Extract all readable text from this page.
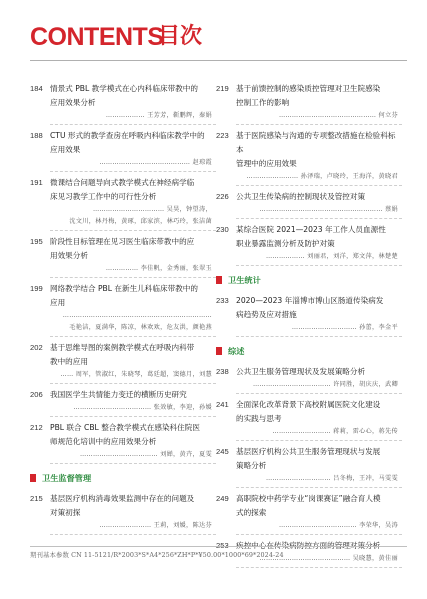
CONTENTS
目次
184 情景式 PBL 教学模式在心内科临床带教中的
应用效果分析
……………… 王芳芳，靳鹏辉，秦娟
188 CTU 形式的教学查房在呼吸内科临床教学中的
应用效果
…………………………………… 赵琼霞
191 微课结合问题导向式教学模式在神经病学临
床见习教学工作中的可行性分析
…………………………… 吴昊，钟望涛，
沈文川，林丹梅，黄琢，邱家滨，林巧玲，张洁菌
195 阶段性目标管理在见习医生临床带教中的应
用效果分析
…………… 李佳帆，金秀丽，张翠玉
199 网络教学结合 PBL 在新生儿科临床带教中的
应用
……………………………………………………………
毛艳洁，夏满华，陈凉，林欢欢，危友洪，颜艳燕
202 基于思维导图的案例教学模式在呼吸内科带
教中的应用
…… 周军，管淑红，朱晓琴，葛廷超，窦德月，刘慧
206 我国医学生共情能力变迁的横断历史研究
……………………………… 张效敏，李迎，孙媛
212 PBL 联合 CBL 整合教学模式在感染科住院医
师规范化培训中的应用效果分析
……………………………… 刘婵，黄卉，夏雯
卫生监督管理
215 基层医疗机构消毒效果监测中存在的问题及
对策初探
…………………… 王莉，刘媛，陈达芬
219 基于前馈控制的感染质控管理对卫生院感染
控制工作的影响
……………………………………… 何立芬
223 基于医院感染与沟通的专项整改措施在检验科标本
管理中的应用效果
…………………… 孙泽瑞，卢晓玲，王海洋，黄晓君
226 公共卫生传染病的控制现状及管控对策
………………………………………………… 蔡娟
230 某综合医院 2021—2023 年工作人员血源性
职业暴露监测分析及防护对策
……………… 刘丽君，刘洋，郑文萍，林楚楚
卫生统计
233 2020—2023 年淄博市博山区肠道传染病发
病趋势及应对措施
………………………… 孙蕾，李金平
综述
238 公共卫生服务管理现状及发展策略分析
……………………………… 许同胜，胡庆庆，武卿
241 全面深化改革背景下高校附属医院文化建设
的实践与思考
……………………… 蒋莉，雷心心，蒋先传
245 基层医疗机构公共卫生服务管理现状与发展
策略分析
………………………… 吕冬梅，王冲，马雯雯
249 高职院校中药学专业“岗课赛证”融合育人模
式的探索
……………………………… 李荣华，吴涛
…………………………………… 吴晓慧，黄佳丽
期刊基本参数 CN 11-5121/R*2003*S*A4*256*ZH*P*¥50.00*1000*69*2024-24
